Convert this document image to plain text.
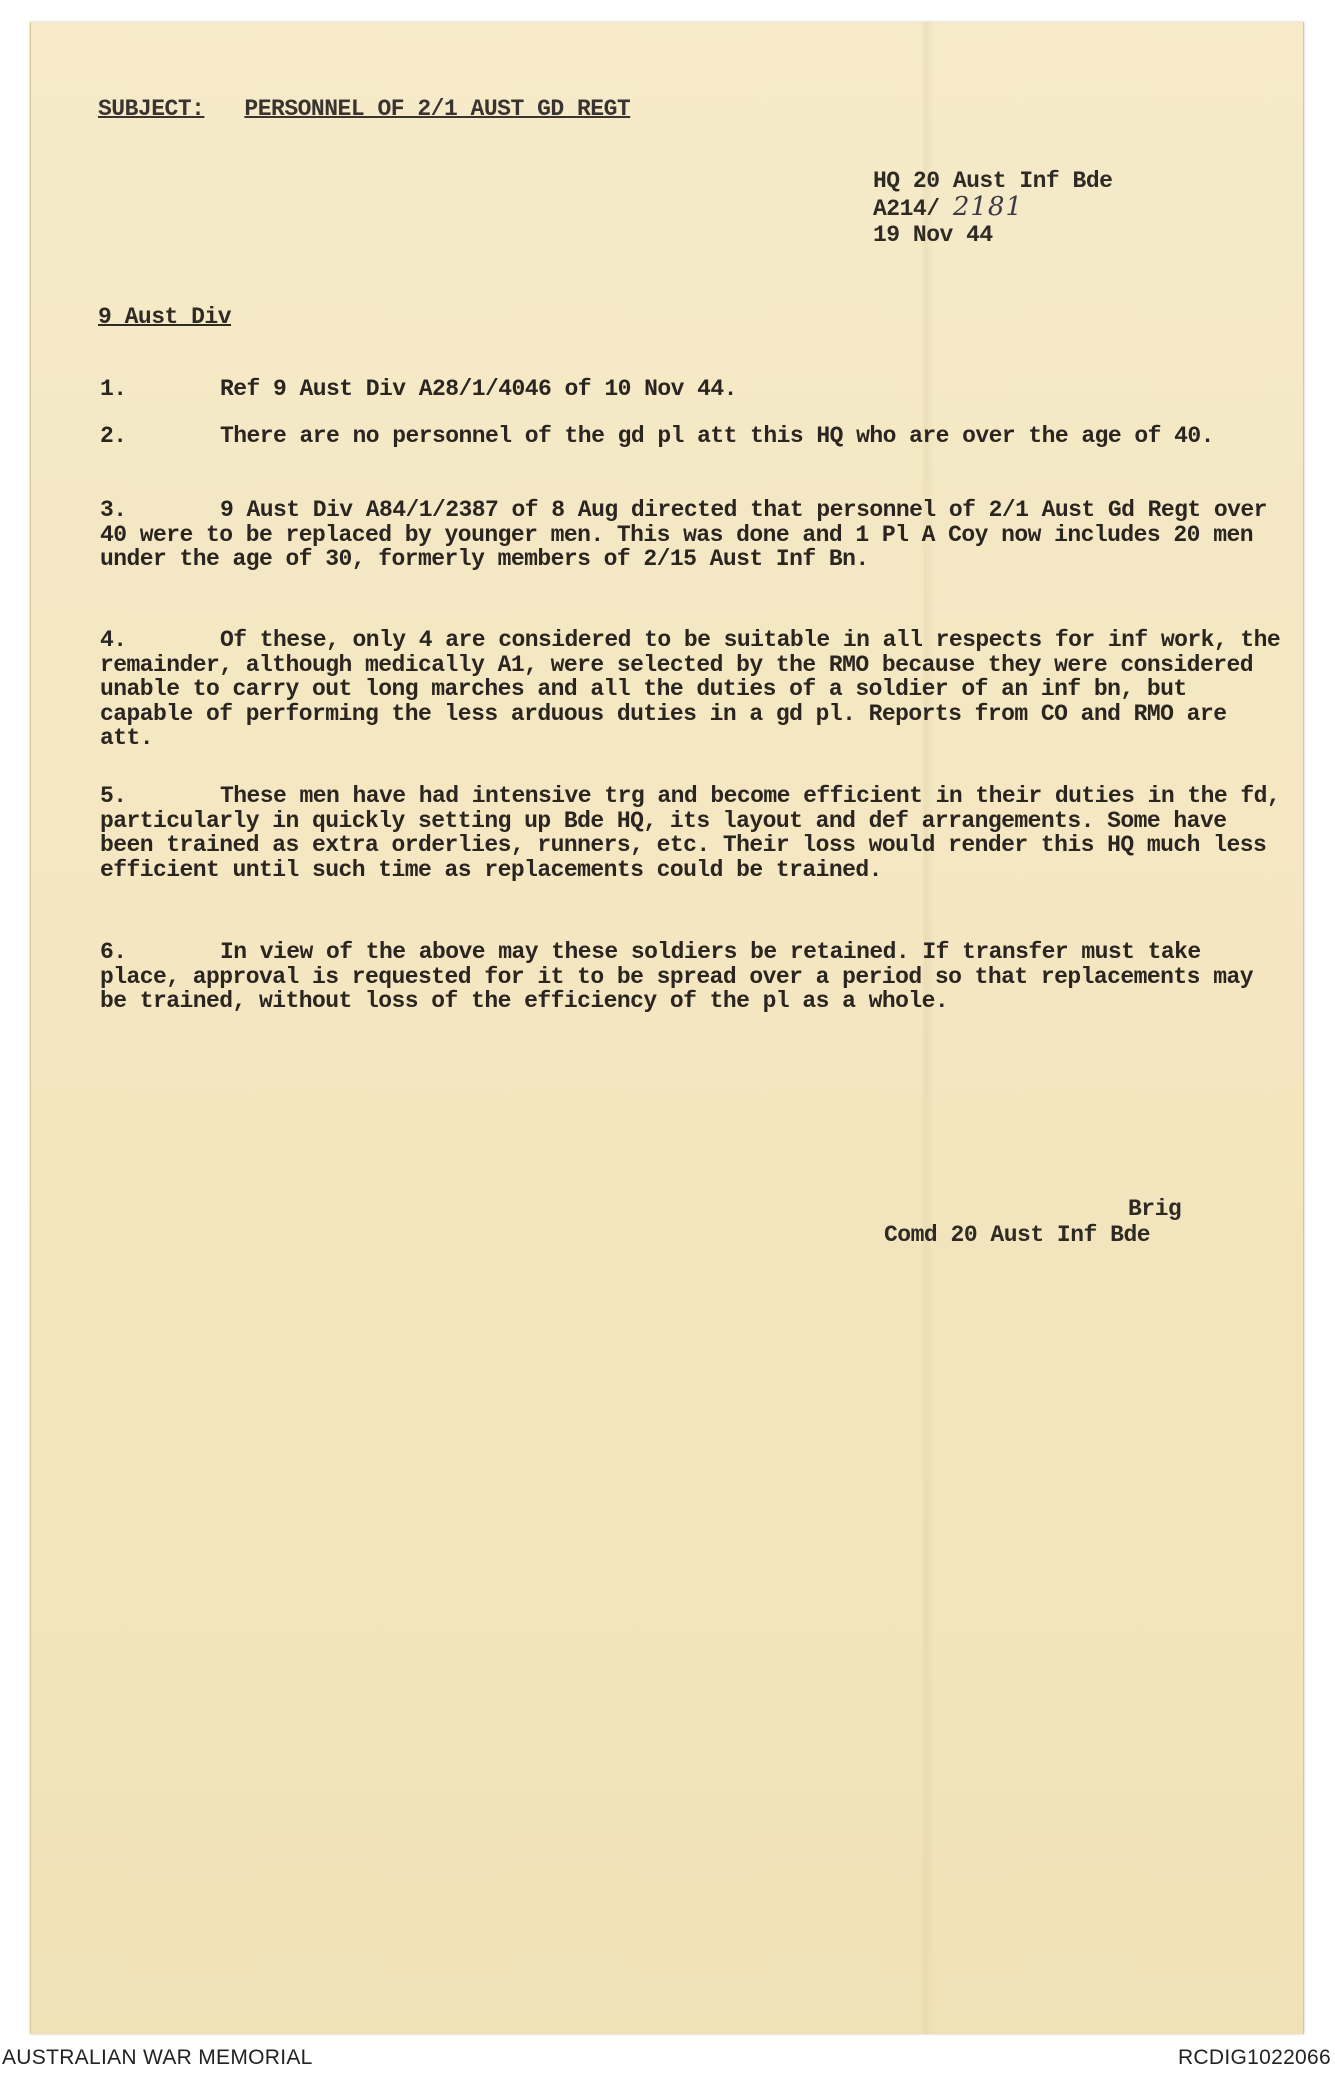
SUBJECT: PERSONNEL OF 2/1 AUST GD REGT
HQ 20 Aust Inf Bde
A214/ 2181
19 Nov 44
9 Aust Div
1.	Ref 9 Aust Div A28/1/4046 of 10 Nov 44.
2.	There are no personnel of the gd pl att this HQ who are over the age of 40.
3.	9 Aust Div A84/1/2387 of 8 Aug directed that personnel of 2/1 Aust Gd Regt over 40 were to be replaced by younger men. This was done and 1 Pl A Coy now includes 20 men under the age of 30, formerly members of 2/15 Aust Inf Bn.
4.	Of these, only 4 are considered to be suitable in all respects for inf work, the remainder, although medically A1, were selected by the RMO because they were considered unable to carry out long marches and all the duties of a soldier of an inf bn, but capable of performing the less arduous duties in a gd pl. Reports from CO and RMO are att.
5.	These men have had intensive trg and become efficient in their duties in the fd, particularly in quickly setting up Bde HQ, its layout and def arrangements. Some have been trained as extra orderlies, runners, etc. Their loss would render this HQ much less efficient until such time as replacements could be trained.
6.	In view of the above may these soldiers be retained. If transfer must take place, approval is requested for it to be spread over a period so that replacements may be trained, without loss of the efficiency of the pl as a whole.
Brig
Comd 20 Aust Inf Bde
AUSTRALIAN WAR MEMORIAL	RCDIG1022066
